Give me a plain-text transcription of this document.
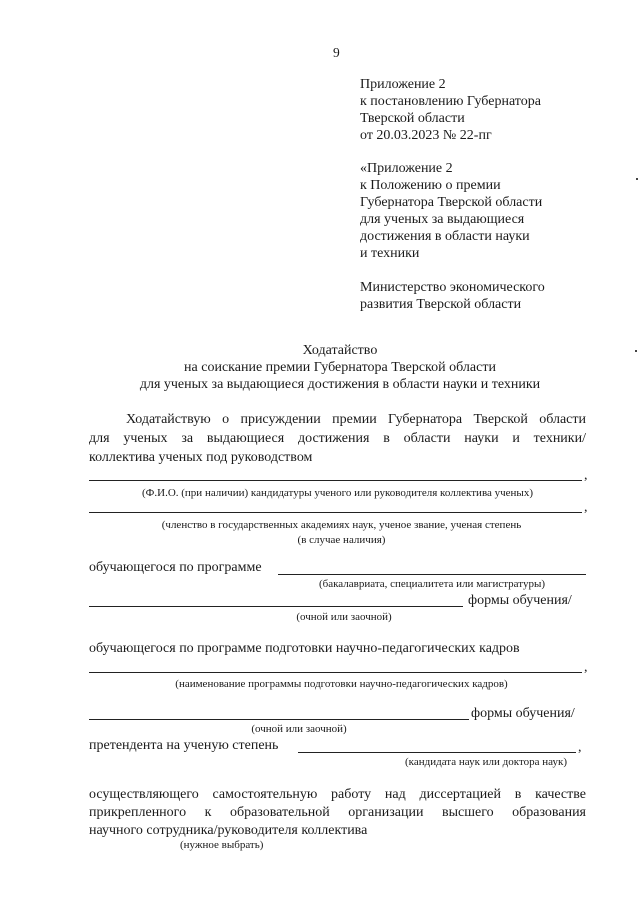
9
Приложение 2
к постановлению Губернатора
Тверской области
от 20.03.2023 № 22-пг
«Приложение 2
к Положению о премии
Губернатора Тверской области
для ученых за выдающиеся
достижения в области науки
и техники
Министерство экономического
развития Тверской области
Ходатайство
на соискание премии Губернатора Тверской области
для ученых за выдающиеся достижения в области науки и техники
Ходатайствую о присуждении премии Губернатора Тверской области
для ученых за выдающиеся достижения в области науки и техники/
коллектива ученых под руководством
,
(Ф.И.О. (при наличии) кандидатуры ученого или руководителя коллектива ученых)
,
(членство в государственных академиях наук, ученое звание, ученая степень
(в случае наличия)
обучающегося по программе
(бакалавриата, специалитета или магистратуры)
формы обучения/
(очной или заочной)
обучающегося по программе подготовки научно-педагогических кадров
,
(наименование программы подготовки научно-педагогических кадров)
формы обучения/
(очной или заочной)
претендента на ученую степень	,
(кандидата наук или доктора наук)
осуществляющего самостоятельную работу над диссертацией в качестве
прикрепленного к образовательной организации высшего образования
научного сотрудника/руководителя коллектива
(нужное выбрать)
